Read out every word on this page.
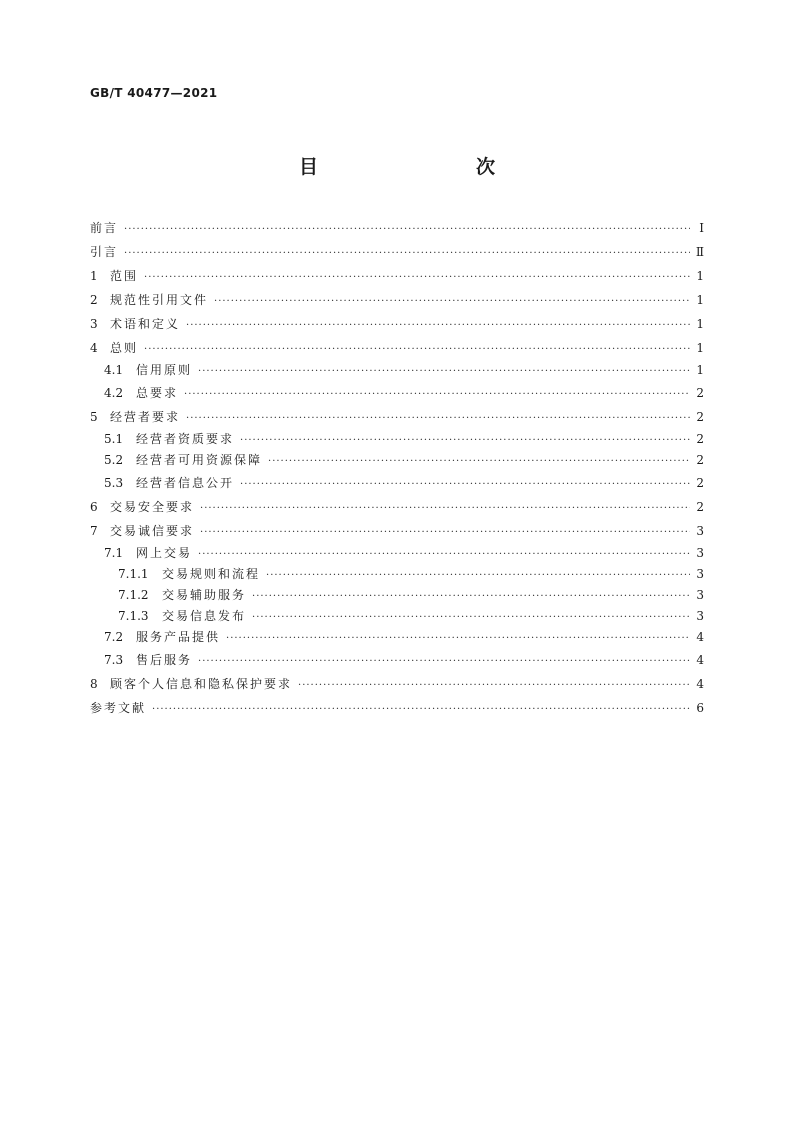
GB/T 40477—2021
目　　次
前言 ·····	Ⅰ
引言 ·····	Ⅱ
1	范围 ·····	1
2	规范性引用文件 ·····	1
3	术语和定义 ·····	1
4	总则 ·····	1
4.1	信用原则 ·····	1
4.2	总要求 ·····	2
5	经营者要求 ·····	2
5.1	经营者资质要求 ·····	2
5.2	经营者可用资源保障 ·····	2
5.3	经营者信息公开 ·····	2
6	交易安全要求 ·····	2
7	交易诚信要求 ·····	3
7.1	网上交易 ·····	3
7.1.1	交易规则和流程 ·····	3
7.1.2	交易辅助服务 ·····	3
7.1.3	交易信息发布 ·····	3
7.2	服务产品提供 ·····	4
7.3	售后服务 ·····	4
8	顾客个人信息和隐私保护要求 ·····	4
参考文献 ·····	6
